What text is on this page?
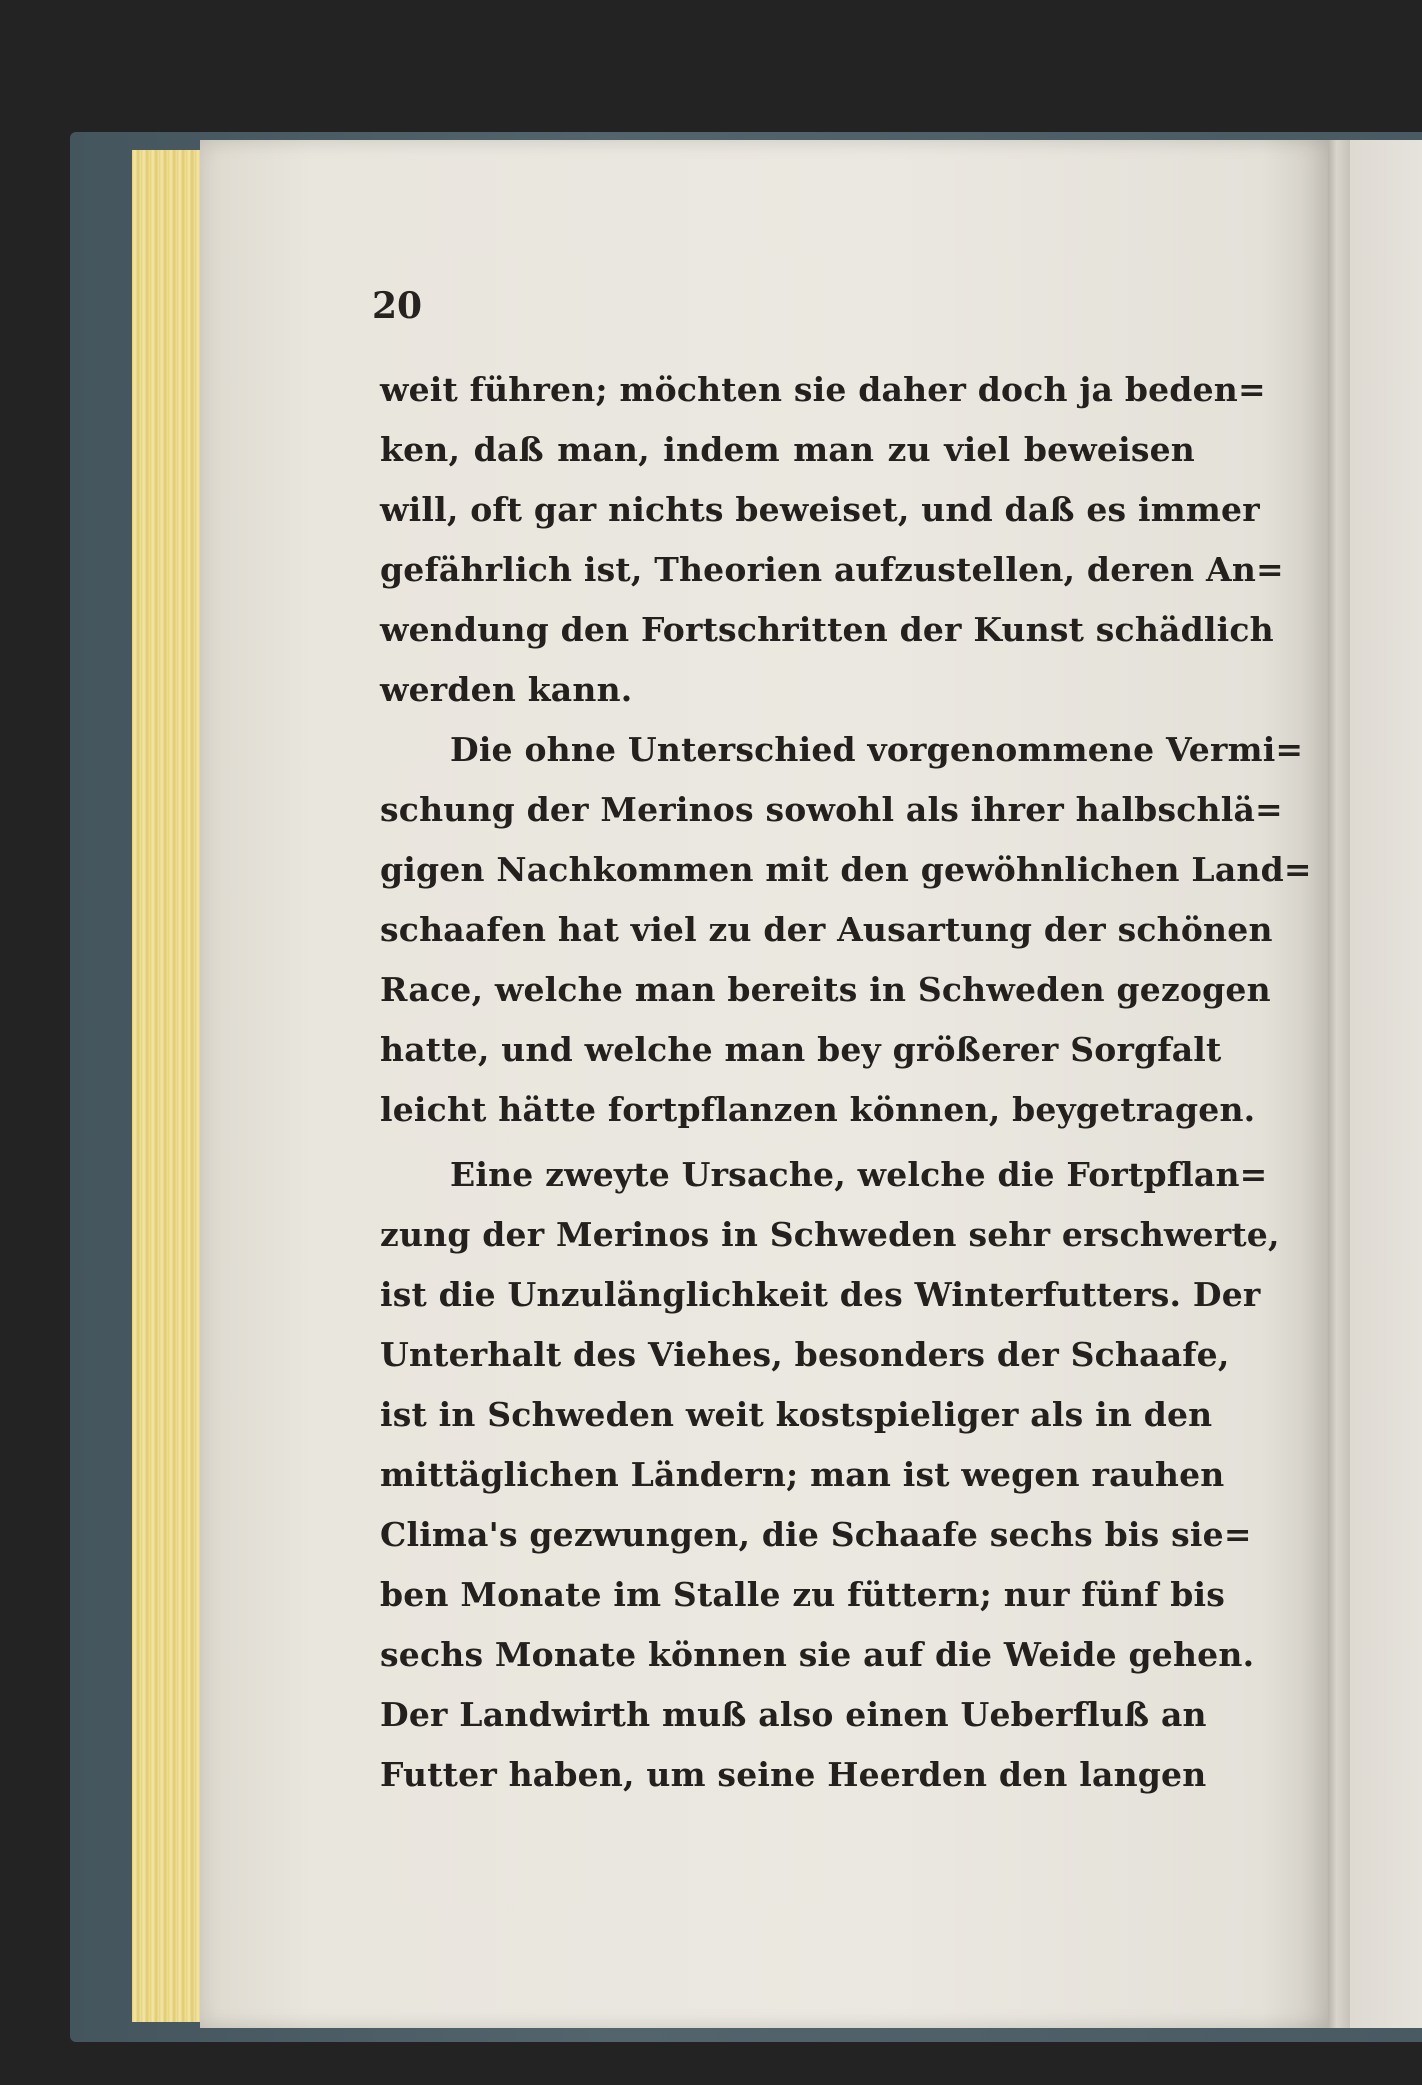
20
weit führen; möchten sie daher doch ja beden=
ken, daß man, indem man zu viel beweisen
will, oft gar nichts beweiset, und daß es immer
gefährlich ist, Theorien aufzustellen, deren An=
wendung den Fortschritten der Kunst schädlich
werden kann.
Die ohne Unterschied vorgenommene Vermi=
schung der Merinos sowohl als ihrer halbschlä=
gigen Nachkommen mit den gewöhnlichen Land=
schaafen hat viel zu der Ausartung der schönen
Race, welche man bereits in Schweden gezogen
hatte, und welche man bey größerer Sorgfalt
leicht hätte fortpflanzen können, beygetragen.
Eine zweyte Ursache, welche die Fortpflan=
zung der Merinos in Schweden sehr erschwerte,
ist die Unzulänglichkeit des Winterfutters. Der
Unterhalt des Viehes, besonders der Schaafe,
ist in Schweden weit kostspieliger als in den
mittäglichen Ländern; man ist wegen rauhen
Clima's gezwungen, die Schaafe sechs bis sie=
ben Monate im Stalle zu füttern; nur fünf bis
sechs Monate können sie auf die Weide gehen.
Der Landwirth muß also einen Ueberfluß an
Futter haben, um seine Heerden den langen
